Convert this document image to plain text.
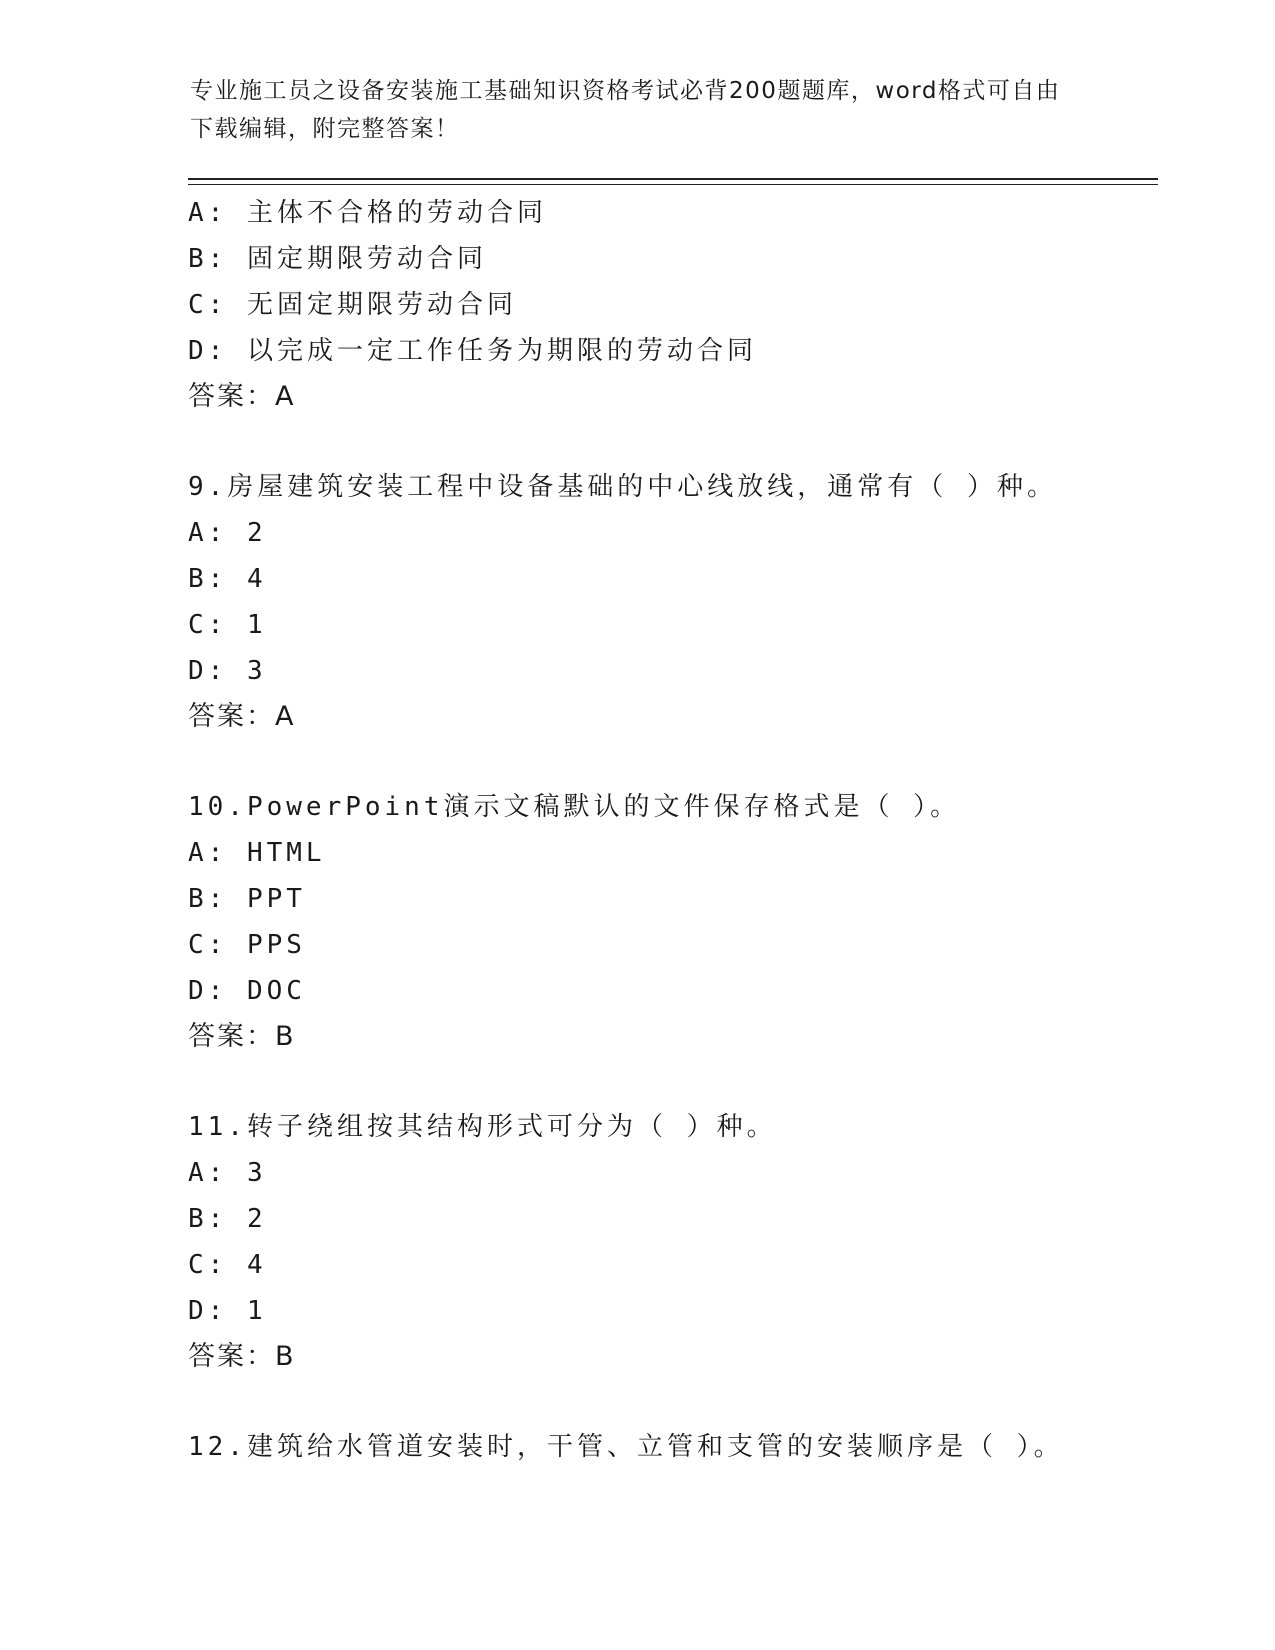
专业施工员之设备安装施工基础知识资格考试必背200题题库，word格式可自由
下载编辑，附完整答案！
A: 主体不合格的劳动合同
B: 固定期限劳动合同
C: 无固定期限劳动合同
D: 以完成一定工作任务为期限的劳动合同
答案：A
9.房屋建筑安装工程中设备基础的中心线放线，通常有（ ）种。
A: 2
B: 4
C: 1
D: 3
答案：A
10.PowerPoint演示文稿默认的文件保存格式是（ ）。
A: HTML
B: PPT
C: PPS
D: DOC
答案：B
11.转子绕组按其结构形式可分为（ ）种。
A: 3
B: 2
C: 4
D: 1
答案：B
12.建筑给水管道安装时，干管、立管和支管的安装顺序是（ ）。
